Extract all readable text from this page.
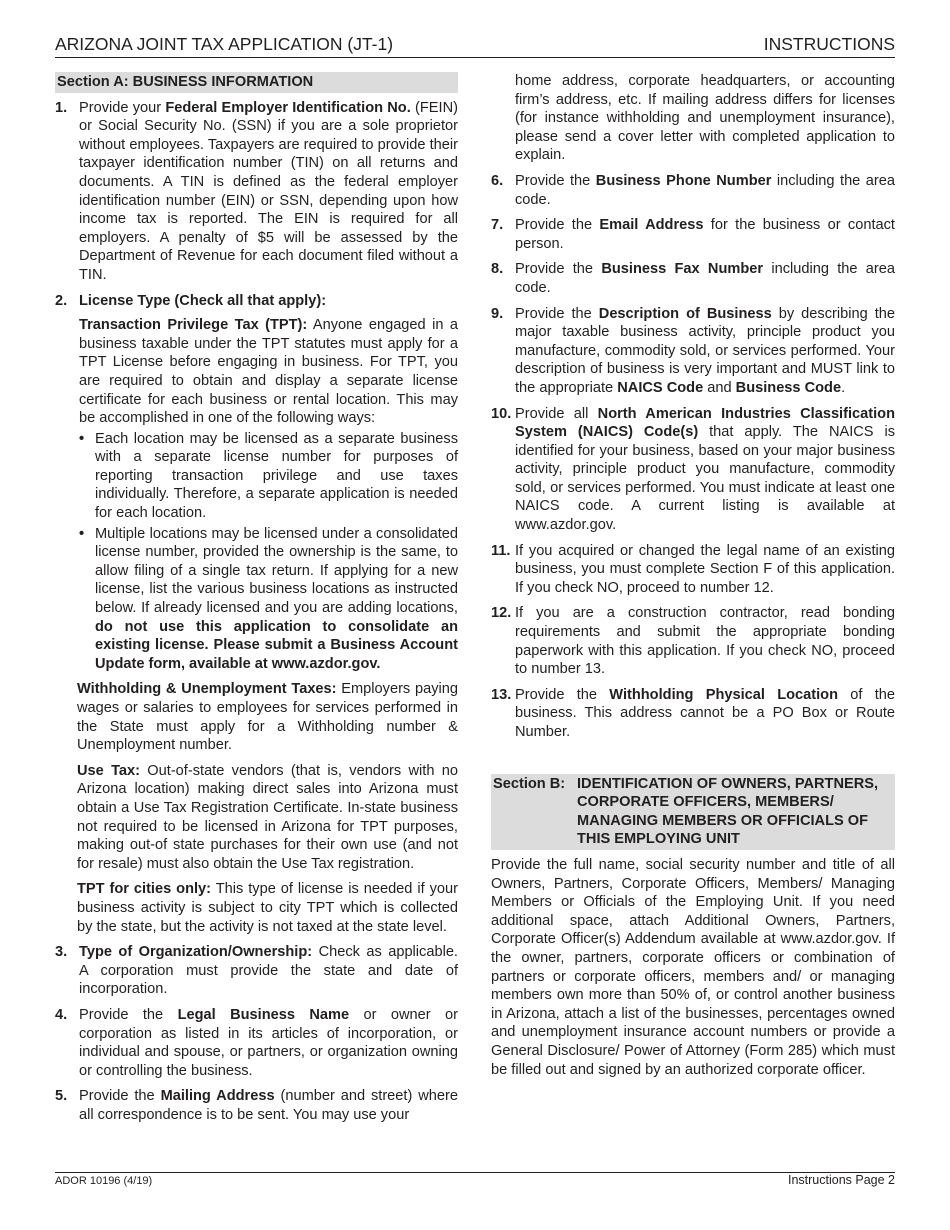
ARIZONA JOINT TAX APPLICATION (JT-1)	INSTRUCTIONS
Section A: BUSINESS INFORMATION
1. Provide your Federal Employer Identification No. (FEIN) or Social Security No. (SSN) if you are a sole proprietor without employees. Taxpayers are required to provide their taxpayer identification number (TIN) on all returns and documents. A TIN is defined as the federal employer identification number (EIN) or SSN, depending upon how income tax is reported. The EIN is required for all employers. A penalty of $5 will be assessed by the Department of Revenue for each document filed without a TIN.
2. License Type (Check all that apply):

Transaction Privilege Tax (TPT): Anyone engaged in a business taxable under the TPT statutes must apply for a TPT License before engaging in business. For TPT, you are required to obtain and display a separate license certificate for each business or rental location. This may be accomplished in one of the following ways:

• Each location may be licensed as a separate business with a separate license number for purposes of reporting transaction privilege and use taxes individually. Therefore, a separate application is needed for each location.
• Multiple locations may be licensed under a consolidated license number, provided the ownership is the same, to allow filing of a single tax return. If applying for a new license, list the various business locations as instructed below. If already licensed and you are adding locations, do not use this application to consolidate an existing license. Please submit a Business Account Update form, available at www.azdor.gov.

Withholding & Unemployment Taxes: Employers paying wages or salaries to employees for services performed in the State must apply for a Withholding number & Unemployment number.

Use Tax: Out-of-state vendors (that is, vendors with no Arizona location) making direct sales into Arizona must obtain a Use Tax Registration Certificate. In-state business not required to be licensed in Arizona for TPT purposes, making out-of state purchases for their own use (and not for resale) must also obtain the Use Tax registration.

TPT for cities only: This type of license is needed if your business activity is subject to city TPT which is collected by the state, but the activity is not taxed at the state level.

3. Type of Organization/Ownership: Check as applicable. A corporation must provide the state and date of incorporation.
4. Provide the Legal Business Name or owner or corporation as listed in its articles of incorporation, or individual and spouse, or partners, or organization owning or controlling the business.
5. Provide the Mailing Address (number and street) where all correspondence is to be sent. You may use your

home address, corporate headquarters, or accounting firm’s address, etc. If mailing address differs for licenses (for instance withholding and unemployment insurance), please send a cover letter with completed application to explain.

6. Provide the Business Phone Number including the area code.
7. Provide the Email Address for the business or contact person.
8. Provide the Business Fax Number including the area code.
9. Provide the Description of Business by describing the major taxable business activity, principle product you manufacture, commodity sold, or services performed. Your description of business is very important and MUST link to the appropriate NAICS Code and Business Code.
10. Provide all North American Industries Classification System (NAICS) Code(s) that apply. The NAICS is identified for your business, based on your major business activity, principle product you manufacture, commodity sold, or services performed. You must indicate at least one NAICS code. A current listing is available at www.azdor.gov.
11. If you acquired or changed the legal name of an existing business, you must complete Section F of this application. If you check NO, proceed to number 12.
12. If you are a construction contractor, read bonding requirements and submit the appropriate bonding paperwork with this application. If you check NO, proceed to number 13.
13. Provide the Withholding Physical Location of the business. This address cannot be a PO Box or Route Number.
Section B: IDENTIFICATION OF OWNERS, PARTNERS, CORPORATE OFFICERS, MEMBERS/ MANAGING MEMBERS OR OFFICIALS OF THIS EMPLOYING UNIT

Provide the full name, social security number and title of all Owners, Partners, Corporate Officers, Members/ Managing Members or Officials of the Employing Unit. If you need additional space, attach Additional Owners, Partners, Corporate Officer(s) Addendum available at www.azdor.gov. If the owner, partners, corporate officers or combination of partners or corporate officers, members and/ or managing members own more than 50% of, or control another business in Arizona, attach a list of the businesses, percentages owned and unemployment insurance account numbers or provide a General Disclosure/ Power of Attorney (Form 285) which must be filled out and signed by an authorized corporate officer.

ADOR 10196 (4/19)	Instructions Page 2
